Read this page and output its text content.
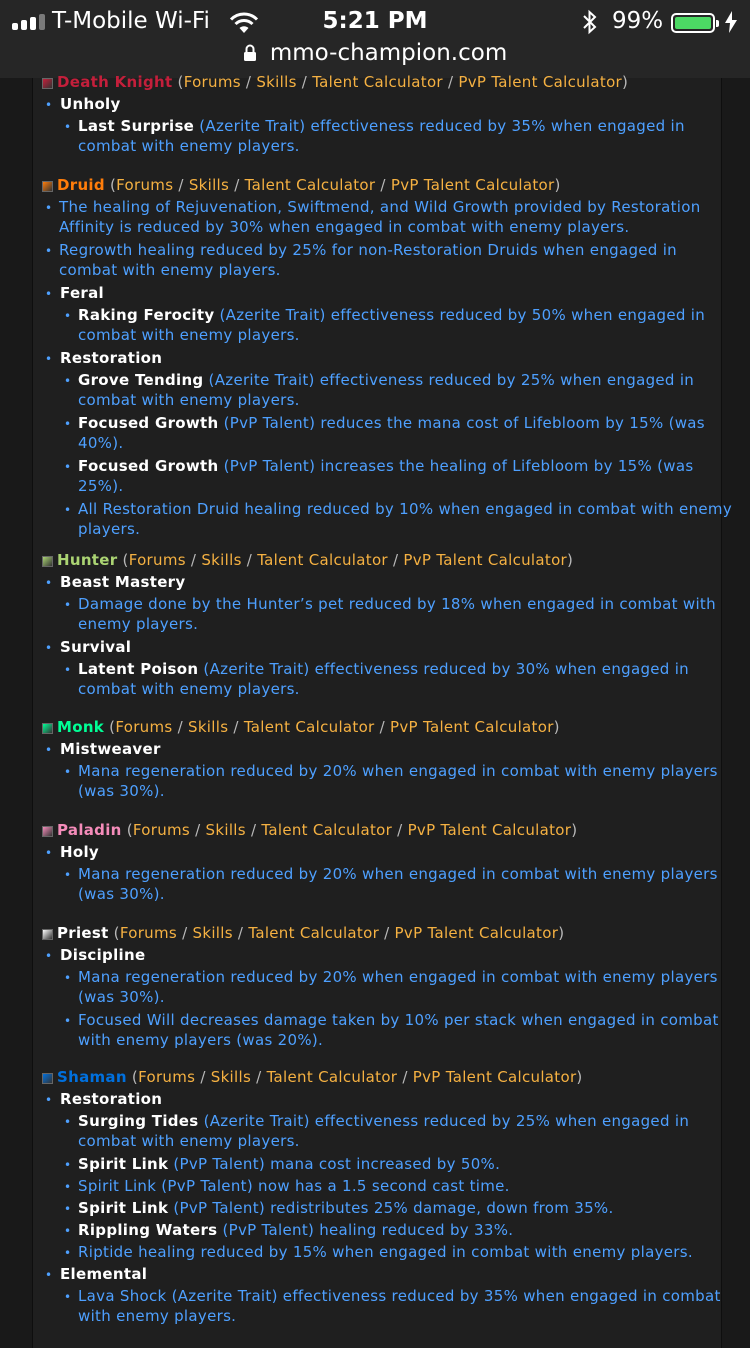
T-Mobile Wi-Fi	5:21 PM	99%
mmo-champion.com
Death Knight (Forums / Skills / Talent Calculator / PvP Talent Calculator)
• Unholy
• Last Surprise (Azerite Trait) effectiveness reduced by 35% when engaged in
combat with enemy players.
Druid (Forums / Skills / Talent Calculator / PvP Talent Calculator)
• The healing of Rejuvenation, Swiftmend, and Wild Growth provided by Restoration
Affinity is reduced by 30% when engaged in combat with enemy players.
• Regrowth healing reduced by 25% for non-Restoration Druids when engaged in
combat with enemy players.
• Feral
• Raking Ferocity (Azerite Trait) effectiveness reduced by 50% when engaged in
combat with enemy players.
• Restoration
• Grove Tending (Azerite Trait) effectiveness reduced by 25% when engaged in
combat with enemy players.
• Focused Growth (PvP Talent) reduces the mana cost of Lifebloom by 15% (was
40%).
• Focused Growth (PvP Talent) increases the healing of Lifebloom by 15% (was
25%).
• All Restoration Druid healing reduced by 10% when engaged in combat with enemy
players.
Hunter (Forums / Skills / Talent Calculator / PvP Talent Calculator)
• Beast Mastery
• Damage done by the Hunter’s pet reduced by 18% when engaged in combat with
enemy players.
• Survival
• Latent Poison (Azerite Trait) effectiveness reduced by 30% when engaged in
combat with enemy players.
Monk (Forums / Skills / Talent Calculator / PvP Talent Calculator)
• Mistweaver
• Mana regeneration reduced by 20% when engaged in combat with enemy players
(was 30%).
Paladin (Forums / Skills / Talent Calculator / PvP Talent Calculator)
• Holy
• Mana regeneration reduced by 20% when engaged in combat with enemy players
(was 30%).
Priest (Forums / Skills / Talent Calculator / PvP Talent Calculator)
• Discipline
• Mana regeneration reduced by 20% when engaged in combat with enemy players
(was 30%).
• Focused Will decreases damage taken by 10% per stack when engaged in combat
with enemy players (was 20%).
Shaman (Forums / Skills / Talent Calculator / PvP Talent Calculator)
• Restoration
• Surging Tides (Azerite Trait) effectiveness reduced by 25% when engaged in
combat with enemy players.
• Spirit Link (PvP Talent) mana cost increased by 50%.
• Spirit Link (PvP Talent) now has a 1.5 second cast time.
• Spirit Link (PvP Talent) redistributes 25% damage, down from 35%.
• Rippling Waters (PvP Talent) healing reduced by 33%.
• Riptide healing reduced by 15% when engaged in combat with enemy players.
• Elemental
• Lava Shock (Azerite Trait) effectiveness reduced by 35% when engaged in combat
with enemy players.
